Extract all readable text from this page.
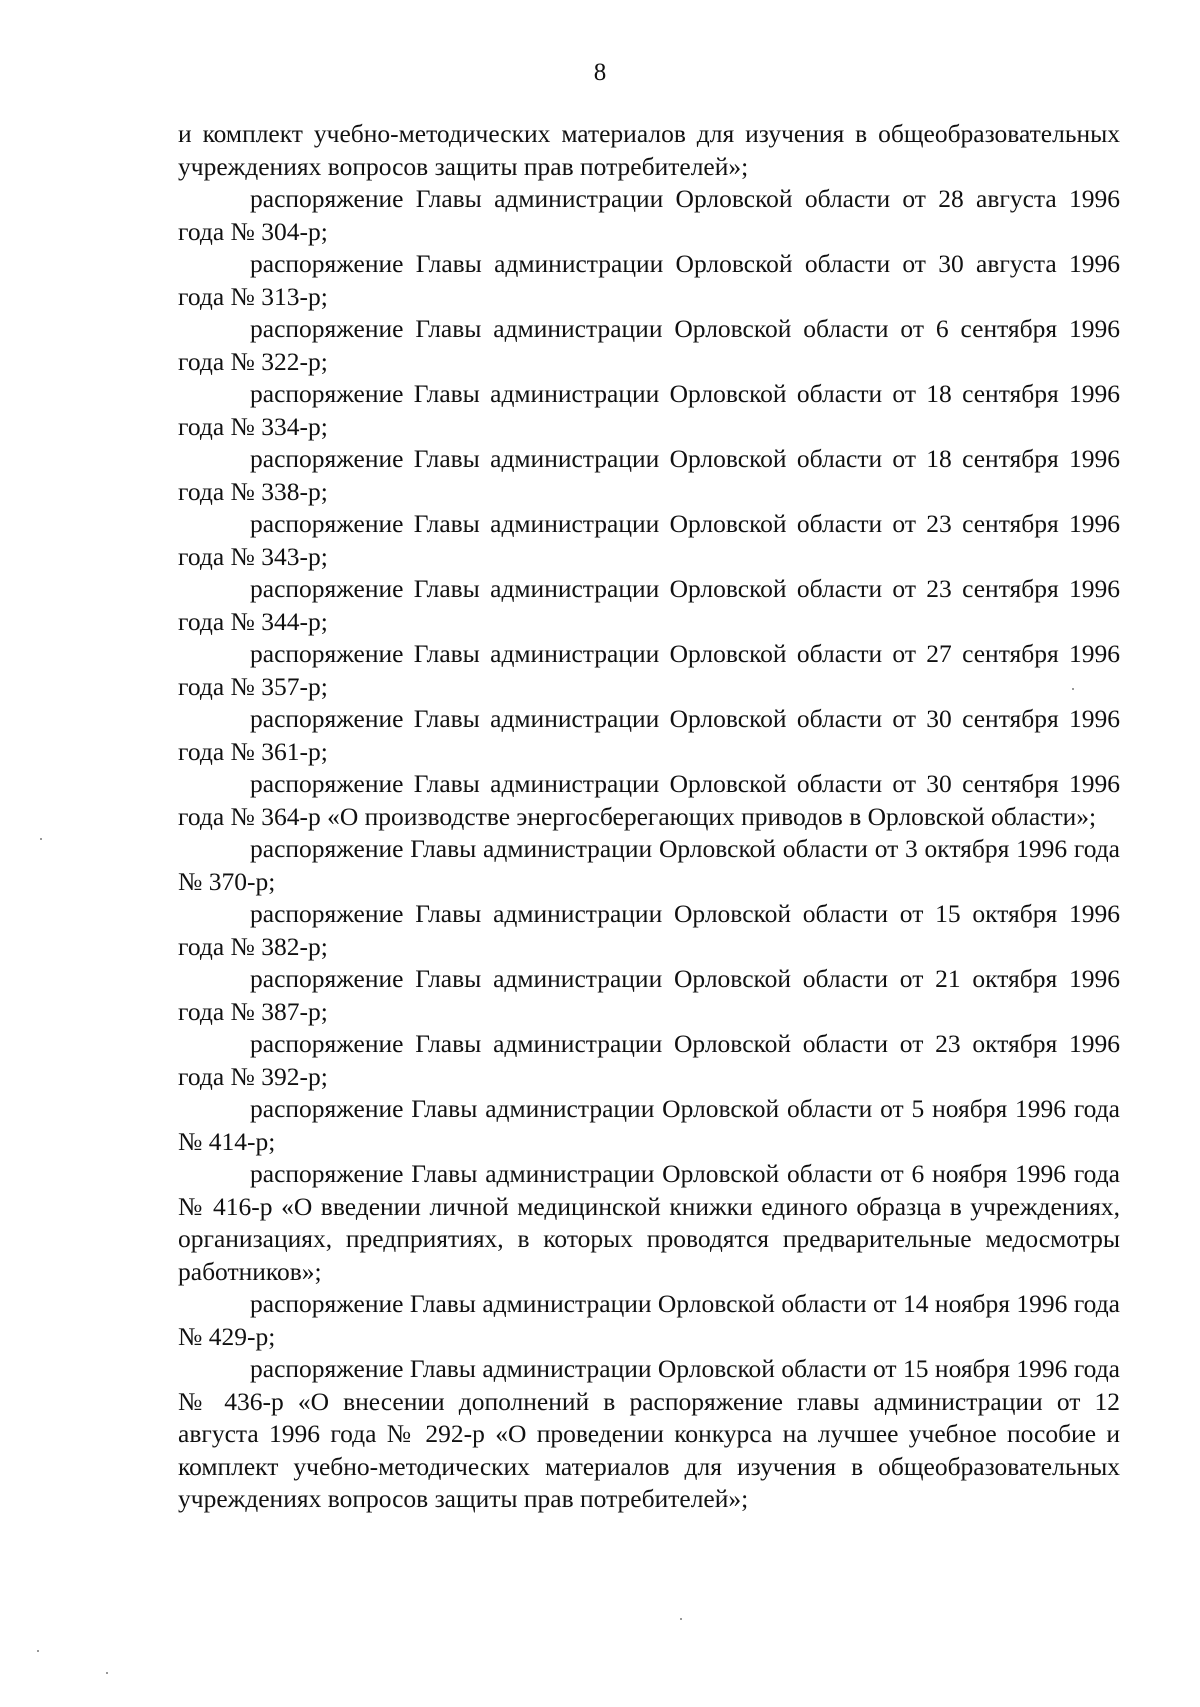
8

и комплект учебно-методических материалов для изучения в общеобразовательных учреждениях вопросов защиты прав потребителей»;

распоряжение Главы администрации Орловской области от 28 августа 1996 года № 304-р;

распоряжение Главы администрации Орловской области от 30 августа 1996 года № 313-р;

распоряжение Главы администрации Орловской области от 6 сентября 1996 года № 322-р;

распоряжение Главы администрации Орловской области от 18 сентября 1996 года № 334-р;

распоряжение Главы администрации Орловской области от 18 сентября 1996 года № 338-р;

распоряжение Главы администрации Орловской области от 23 сентября 1996 года № 343-р;

распоряжение Главы администрации Орловской области от 23 сентября 1996 года № 344-р;

распоряжение Главы администрации Орловской области от 27 сентября 1996 года № 357-р;

распоряжение Главы администрации Орловской области от 30 сентября 1996 года № 361-р;

распоряжение Главы администрации Орловской области от 30 сентября 1996 года № 364-р «О производстве энергосберегающих приводов в Орловской области»;

распоряжение Главы администрации Орловской области от 3 октября 1996 года № 370-р;

распоряжение Главы администрации Орловской области от 15 октября 1996 года № 382-р;

распоряжение Главы администрации Орловской области от 21 октября 1996 года № 387-р;

распоряжение Главы администрации Орловской области от 23 октября 1996 года № 392-р;

распоряжение Главы администрации Орловской области от 5 ноября 1996 года № 414-р;

распоряжение Главы администрации Орловской области от 6 ноября 1996 года № 416-р «О введении личной медицинской книжки единого образца в учреждениях, организациях, предприятиях, в которых проводятся предварительные медосмотры работников»;

распоряжение Главы администрации Орловской области от 14 ноября 1996 года № 429-р;

распоряжение Главы администрации Орловской области от 15 ноября 1996 года № 436-р «О внесении дополнений в распоряжение главы администрации от 12 августа 1996 года № 292-р «О проведении конкурса на лучшее учебное пособие и комплект учебно-методических материалов для изучения в общеобразовательных учреждениях вопросов защиты прав потребителей»;
